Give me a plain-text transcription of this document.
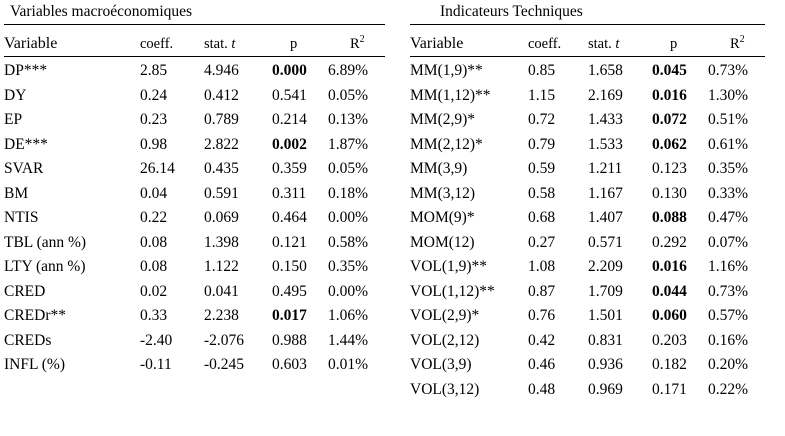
Variables macroéconomiques
Variable	coeff.	stat. t	p	$R^2$
DP***	2.85	4.946	0.000	6.89%
DY	0.24	0.412	0.541	0.05%
EP	0.23	0.789	0.214	0.13%
DE***	0.98	2.822	0.002	1.87%
SVAR	26.14	0.435	0.359	0.05%
BM	0.04	0.591	0.311	0.18%
NTIS	0.22	0.069	0.464	0.00%
TBL (ann %)	0.08	1.398	0.121	0.58%
LTY (ann %)	0.08	1.122	0.150	0.35%
CRED	0.02	0.041	0.495	0.00%
CREDr**	0.33	2.238	0.017	1.06%
CREDs	-2.40	-2.076	0.988	1.44%
INFL (%)	-0.11	-0.245	0.603	0.01%
Indicateurs Techniques
Variable	coeff.	stat. t	p	$R^2$
MM(1,9)**	0.85	1.658	0.045	0.73%
MM(1,12)**	1.15	2.169	0.016	1.30%
MM(2,9)*	0.72	1.433	0.072	0.51%
MM(2,12)*	0.79	1.533	0.062	0.61%
MM(3,9)	0.59	1.211	0.123	0.35%
MM(3,12)	0.58	1.167	0.130	0.33%
MOM(9)*	0.68	1.407	0.088	0.47%
MOM(12)	0.27	0.571	0.292	0.07%
VOL(1,9)**	1.08	2.209	0.016	1.16%
VOL(1,12)**	0.87	1.709	0.044	0.73%
VOL(2,9)*	0.76	1.501	0.060	0.57%
VOL(2,12)	0.42	0.831	0.203	0.16%
VOL(3,9)	0.46	0.936	0.182	0.20%
VOL(3,12)	0.48	0.969	0.171	0.22%
